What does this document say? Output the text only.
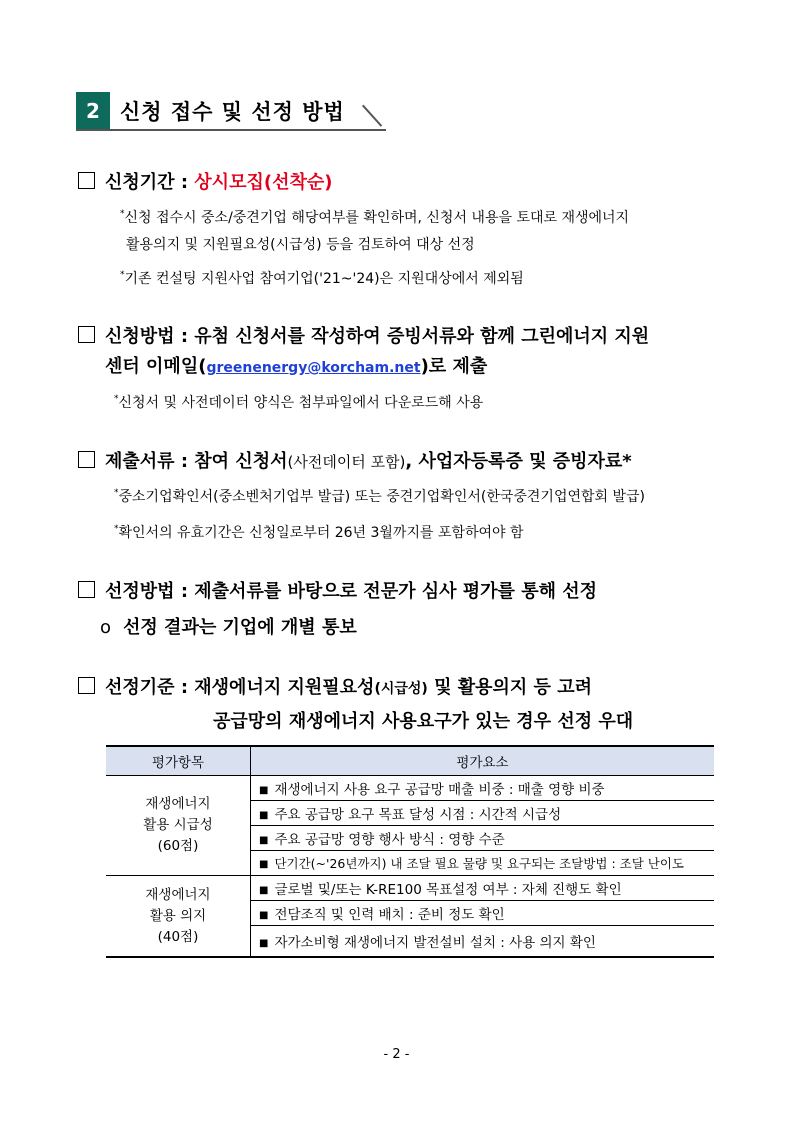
2 신청 접수 및 선정 방법
신청기간 : 상시모집(선착순)
*신청 접수시 중소/중견기업 해당여부를 확인하며, 신청서 내용을 토대로 재생에너지
활용의지 및 지원필요성(시급성) 등을 검토하여 대상 선정
*기존 컨설팅 지원사업 참여기업('21~'24)은 지원대상에서 제외됨
신청방법 : 유첨 신청서를 작성하여 증빙서류와 함께 그린에너지 지원
센터 이메일(greenenergy@korcham.net)로 제출
*신청서 및 사전데이터 양식은 첨부파일에서 다운로드해 사용
제출서류 : 참여 신청서(사전데이터 포함), 사업자등록증 및 증빙자료*
*중소기업확인서(중소벤처기업부 발급) 또는 중견기업확인서(한국중견기업연합회 발급)
*확인서의 유효기간은 신청일로부터 26년 3월까지를 포함하여야 함
선정방법 : 제출서류를 바탕으로 전문가 심사 평가를 통해 선정
o 선정 결과는 기업에 개별 통보
선정기준 : 재생에너지 지원필요성(시급성) 및 활용의지 등 고려
공급망의 재생에너지 사용요구가 있는 경우 선정 우대
평가항목	평가요소
재생에너지
활용 시급성
(60점)	■ 재생에너지 사용 요구 공급망 매출 비중 : 매출 영향 비중
	■ 주요 공급망 요구 목표 달성 시점 : 시간적 시급성
	■ 주요 공급망 영향 행사 방식 : 영향 수준
	■ 단기간(~'26년까지) 내 조달 필요 물량 및 요구되는 조달방법 : 조달 난이도
재생에너지
활용 의지
(40점)	■ 글로벌 및/또는 K-RE100 목표설정 여부 : 자체 진행도 확인
	■ 전담조직 및 인력 배치 : 준비 정도 확인
	■ 자가소비형 재생에너지 발전설비 설치 : 사용 의지 확인
- 2 -
